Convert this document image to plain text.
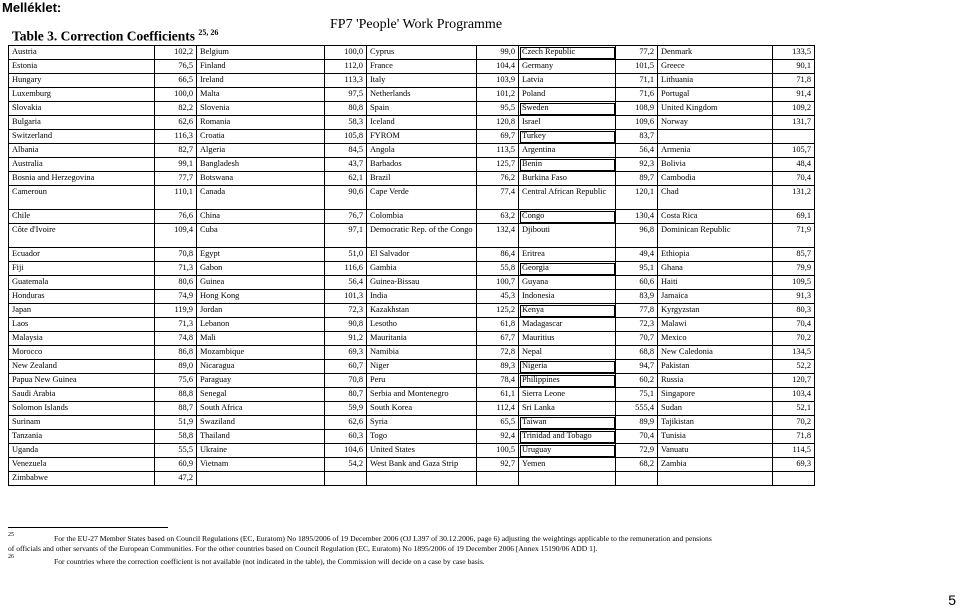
Melléklet:
Table 3. Correction Coefficients $^{25, 26}$
FP7 'People' Work Programme
Austria	102,2	Belgium	100,0	Cyprus	99,0	Czech Republic	77,2	Denmark	133,5
Estonia	76,5	Finland	112,0	France	104,4	Germany	101,5	Greece	90,1
Hungary	66,5	Ireland	113,3	Italy	103,9	Latvia	71,1	Lithuania	71,8
Luxemburg	100,0	Malta	97,5	Netherlands	101,2	Poland	71,6	Portugal	91,4
Slovakia	82,2	Slovenia	80,8	Spain	95,5	Sweden	108,9	United Kingdom	109,2
Bulgaria	62,6	Romania	58,3	Iceland	120,8	Israel	109,6	Norway	131,7
Switzerland	116,3	Croatia	105,8	FYROM	69,7	Turkey	83,7		
Albania	82,7	Algeria	84,5	Angola	113,5	Argentina	56,4	Armenia	105,7
Australia	99,1	Bangladesh	43,7	Barbados	125,7	Benin	92,3	Bolivia	48,4
Bosnia and Herzegovina	77,7	Botswana	62,1	Brazil	76,2	Burkina Faso	89,7	Cambodia	70,4
Cameroun	110,1	Canada	90,6	Cape Verde	77,4	Central African Republic	120,1	Chad	131,2
Chile	76,6	China	76,7	Colombia	63,2	Congo	130,4	Costa Rica	69,1
Côte d'Ivoire	109,4	Cuba	97,1	Democratic Rep. of the Congo	132,4	Djibouti	96,8	Dominican Republic	71,9
Ecuador	70,8	Egypt	51,0	El Salvador	86,4	Eritrea	49,4	Ethiopia	85,7
Fiji	71,3	Gabon	116,6	Gambia	55,8	Georgia	95,1	Ghana	79,9
Guatemala	80,6	Guinea	56,4	Guinea-Bissau	100,7	Guyana	60,6	Haiti	109,5
Honduras	74,9	Hong Kong	101,3	India	45,3	Indonesia	83,9	Jamaica	91,3
Japan	119,9	Jordan	72,3	Kazakhstan	125,2	Kenya	77,8	Kyrgyzstan	80,3
Laos	71,3	Lebanon	90,8	Lesotho	61,8	Madagascar	72,3	Malawi	70,4
Malaysia	74,8	Mali	91,2	Mauritania	67,7	Mauritius	70,7	Mexico	70,2
Morocco	86,8	Mozambique	69,3	Namibia	72,8	Nepal	68,8	New Caledonia	134,5
New Zealand	89,0	Nicaragua	60,7	Niger	89,3	Nigeria	94,7	Pakistan	52,2
Papua New Guinea	75,6	Paraguay	70,8	Peru	78,4	Philippines	60,2	Russia	120,7
Saudi Arabia	88,8	Senegal	80,7	Serbia and Montenegro	61,1	Sierra Leone	75,1	Singapore	103,4
Solomon Islands	88,7	South Africa	59,9	South Korea	112,4	Sri Lanka	555,4	Sudan	52,1
Surinam	51,9	Swaziland	62,6	Syria	65,5	Taiwan	89,9	Tajikistan	70,2
Tanzania	58,8	Thailand	60,3	Togo	92,4	Trinidad and Tobago	70,4	Tunisia	71,8
Uganda	55,5	Ukraine	104,6	United States	100,5	Uruguay	72,9	Vanuatu	114,5
Venezuela	60,9	Vietnam	54,2	West Bank and Gaza Strip	92,7	Yemen	68,2	Zambia	69,3
Zimbabwe	47,2								
$^{25}$	For the EU-27 Member States based on Council Regulations (EC, Euratom) No 1895/2006 of 19 December 2006 (OJ L397 of 30.12.2006, page 6) adjusting the weightings applicable to the remuneration and pensions
of officials and other servants of the European Communities. For the other countries based on Council Regulation (EC, Euratom) No 1895/2006 of 19 December 2006 [Annex 15190/06 ADD 1].
$^{26}$	For countries where the correction coefficient is not available (not indicated in the table), the Commission will decide on a case by case basis.
5
